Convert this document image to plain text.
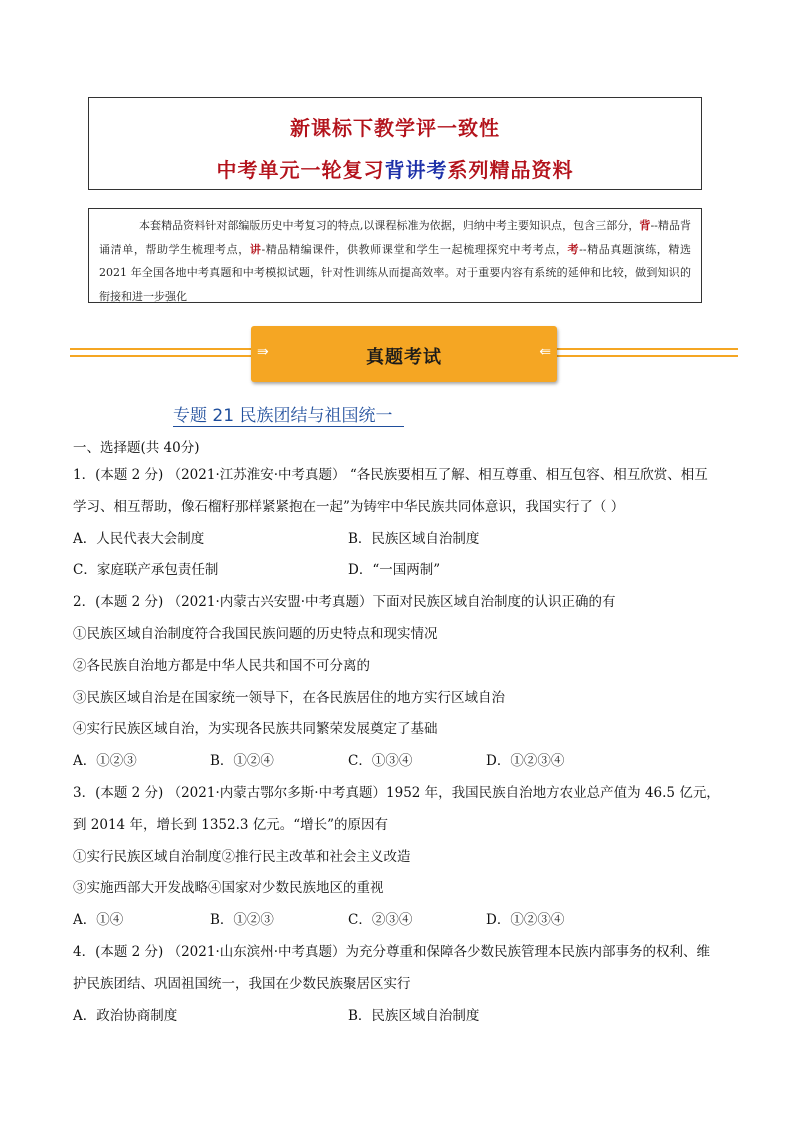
新课标下教学评一致性
中考单元一轮复习背讲考系列精品资料
本套精品资料针对部编版历史中考复习的特点,以课程标准为依据，归纳中考主要知识点，包含三部分，背--精品背诵清单，帮助学生梳理考点，讲-精品精编课件，供教师课堂和学生一起梳理探究中考考点，考--精品真题演练，精选 2021 年全国各地中考真题和中考模拟试题，针对性训练从而提高效率。对于重要内容有系统的延伸和比较，做到知识的衔接和进一步强化
⇛	真题考试	⇚
专题 21 民族团结与祖国统一
一、选择题(共 40分)
1．(本题 2 分) （2021·江苏淮安·中考真题） “各民族要相互了解、相互尊重、相互包容、相互欣赏、相互
学习、相互帮助，像石榴籽那样紧紧抱在一起”为铸牢中华民族共同体意识，我国实行了（ ）
A．人民代表大会制度	B．民族区域自治制度
C．家庭联产承包责任制	D．“一国两制”
2．(本题 2 分) （2021·内蒙古兴安盟·中考真题）下面对民族区域自治制度的认识正确的有
①民族区域自治制度符合我国民族问题的历史特点和现实情况
②各民族自治地方都是中华人民共和国不可分离的
③民族区域自治是在国家统一领导下，在各民族居住的地方实行区域自治
④实行民族区域自治，为实现各民族共同繁荣发展奠定了基础
A．①②③	B．①②④	C．①③④	D．①②③④
3．(本题 2 分) （2021·内蒙古鄂尔多斯·中考真题）1952 年，我国民族自治地方农业总产值为 46.5 亿元，
到 2014 年，增长到 1352.3 亿元。“增长”的原因有
①实行民族区域自治制度②推行民主改革和社会主义改造
③实施西部大开发战略④国家对少数民族地区的重视
A．①④	B．①②③	C．②③④	D．①②③④
4．(本题 2 分) （2021·山东滨州·中考真题）为充分尊重和保障各少数民族管理本民族内部事务的权利、维
护民族团结、巩固祖国统一，我国在少数民族聚居区实行
A．政治协商制度	B．民族区域自治制度
